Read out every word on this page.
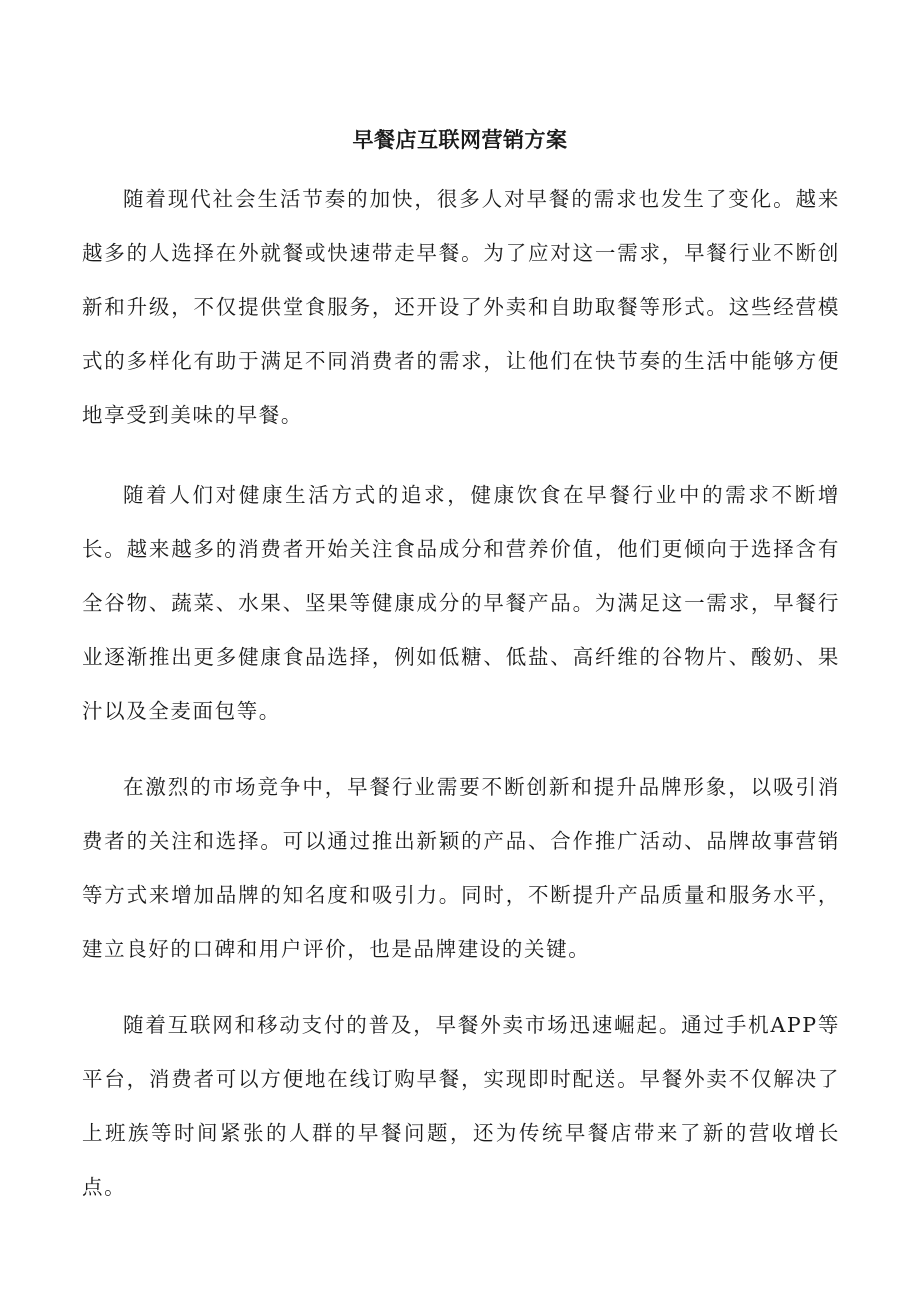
早餐店互联网营销方案

随着现代社会生活节奏的加快，很多人对早餐的需求也发生了变化。越来越多的人选择在外就餐或快速带走早餐。为了应对这一需求，早餐行业不断创新和升级，不仅提供堂食服务，还开设了外卖和自助取餐等形式。这些经营模式的多样化有助于满足不同消费者的需求，让他们在快节奏的生活中能够方便地享受到美味的早餐。

随着人们对健康生活方式的追求，健康饮食在早餐行业中的需求不断增长。越来越多的消费者开始关注食品成分和营养价值，他们更倾向于选择含有全谷物、蔬菜、水果、坚果等健康成分的早餐产品。为满足这一需求，早餐行业逐渐推出更多健康食品选择，例如低糖、低盐、高纤维的谷物片、酸奶、果汁以及全麦面包等。

在激烈的市场竞争中，早餐行业需要不断创新和提升品牌形象，以吸引消费者的关注和选择。可以通过推出新颖的产品、合作推广活动、品牌故事营销等方式来增加品牌的知名度和吸引力。同时，不断提升产品质量和服务水平，建立良好的口碑和用户评价，也是品牌建设的关键。

随着互联网和移动支付的普及，早餐外卖市场迅速崛起。通过手机APP等平台，消费者可以方便地在线订购早餐，实现即时配送。早餐外卖不仅解决了上班族等时间紧张的人群的早餐问题，还为传统早餐店带来了新的营收增长点。
